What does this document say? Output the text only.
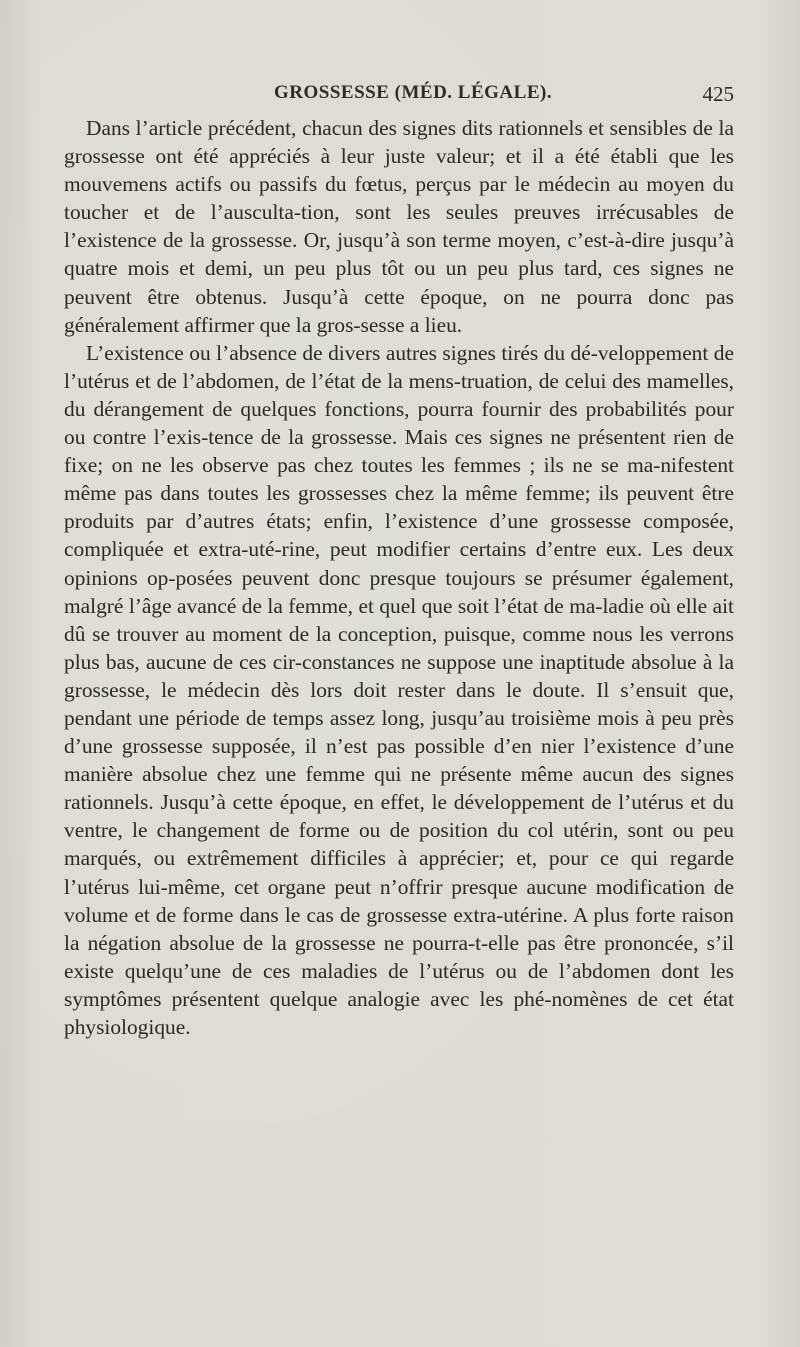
GROSSESSE (MÉD. LÉGALE).	425

Dans l’article précédent, chacun des signes dits rationnels et sensibles de la grossesse ont été appréciés à leur juste valeur; et il a été établi que les mouvemens actifs ou passifs du fœtus, perçus par le médecin au moyen du toucher et de l’ausculta-tion, sont les seules preuves irrécusables de l’existence de la grossesse. Or, jusqu’à son terme moyen, c’est-à-dire jusqu’à quatre mois et demi, un peu plus tôt ou un peu plus tard, ces signes ne peuvent être obtenus. Jusqu’à cette époque, on ne pourra donc pas généralement affirmer que la gros-sesse a lieu.

L’existence ou l’absence de divers autres signes tirés du dé-veloppement de l’utérus et de l’abdomen, de l’état de la mens-truation, de celui des mamelles, du dérangement de quelques fonctions, pourra fournir des probabilités pour ou contre l’exis-tence de la grossesse. Mais ces signes ne présentent rien de fixe; on ne les observe pas chez toutes les femmes ; ils ne se ma-nifestent même pas dans toutes les grossesses chez la même femme; ils peuvent être produits par d’autres états; enfin, l’existence d’une grossesse composée, compliquée et extra-uté-rine, peut modifier certains d’entre eux. Les deux opinions op-posées peuvent donc presque toujours se présumer également, malgré l’âge avancé de la femme, et quel que soit l’état de ma-ladie où elle ait dû se trouver au moment de la conception, puisque, comme nous les verrons plus bas, aucune de ces cir-constances ne suppose une inaptitude absolue à la grossesse, le médecin dès lors doit rester dans le doute. Il s’ensuit que, pendant une période de temps assez long, jusqu’au troisième mois à peu près d’une grossesse supposée, il n’est pas possible d’en nier l’existence d’une manière absolue chez une femme qui ne présente même aucun des signes rationnels. Jusqu’à cette époque, en effet, le développement de l’utérus et du ventre, le changement de forme ou de position du col utérin, sont ou peu marqués, ou extrêmement difficiles à apprécier; et, pour ce qui regarde l’utérus lui-même, cet organe peut n’offrir presque aucune modification de volume et de forme dans le cas de grossesse extra-utérine. A plus forte raison la négation absolue de la grossesse ne pourra-t-elle pas être prononcée, s’il existe quelqu’une de ces maladies de l’utérus ou de l’abdomen dont les symptômes présentent quelque analogie avec les phé-nomènes de cet état physiologique.
